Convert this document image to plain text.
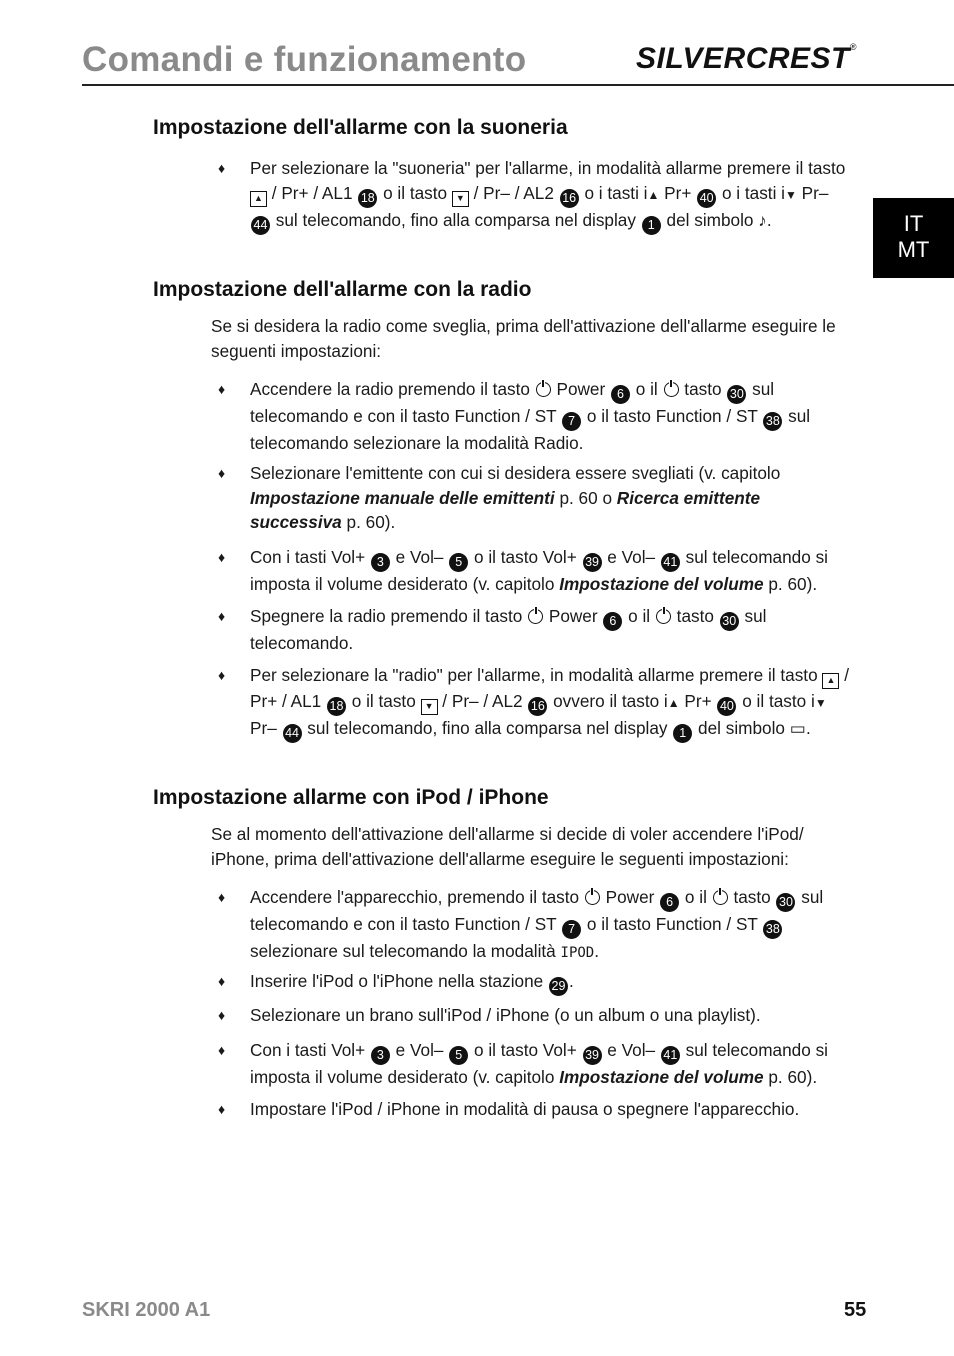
Comandi e funzionamento	SILVERCREST®
IT
MT
Impostazione dell'allarme con la suoneria
♦ Per selezionare la "suoneria" per l'allarme, in modalità allarme premere il tasto ▲ / Pr+ / AL1 18 o il tasto ▼ / Pr– / AL2 16 o i tasti i▲ Pr+ 40 o i tasti i▼ Pr– 44 sul telecomando, fino alla comparsa nel display 1 del simbolo ♪.
Impostazione dell'allarme con la radio
Se si desidera la radio come sveglia, prima dell'attivazione dell'allarme eseguire le seguenti impostazioni:
♦ Accendere la radio premendo il tasto  Power 6 o il  tasto 30 sul telecomando e con il tasto Function / ST 7 o il tasto Function / ST 38 sul telecomando selezionare la modalità Radio.
♦ Selezionare l'emittente con cui si desidera essere svegliati (v. capitolo Impostazione manuale delle emittenti p. 60 o Ricerca emittente successiva p. 60).
♦ Con i tasti Vol+ 3 e Vol– 5 o il tasto Vol+ 39 e Vol– 41 sul telecomando si imposta il volume desiderato (v. capitolo Impostazione del volume p. 60).
♦ Spegnere la radio premendo il tasto  Power 6 o il  tasto 30 sul telecomando.
♦ Per selezionare la "radio" per l'allarme, in modalità allarme premere il tasto ▲ / Pr+ / AL1 18 o il tasto ▼ / Pr– / AL2 16 ovvero il tasto i▲ Pr+ 40 o il tasto i▼ Pr– 44 sul telecomando, fino alla comparsa nel display 1 del simbolo ▭.
Impostazione allarme con iPod / iPhone
Se al momento dell'attivazione dell'allarme si decide di voler accendere l'iPod/ iPhone, prima dell'attivazione dell'allarme eseguire le seguenti impostazioni:
♦ Accendere l'apparecchio, premendo il tasto  Power 6 o il  tasto 30 sul telecomando e con il tasto Function / ST 7 o il tasto Function / ST 38 selezionare sul telecomando la modalità IPOD.
♦ Inserire l'iPod o l'iPhone nella stazione 29 .
♦ Selezionare un brano sull'iPod / iPhone (o un album o una playlist).
♦ Con i tasti Vol+ 3 e Vol– 5 o il tasto Vol+ 39 e Vol– 41 sul telecomando si imposta il volume desiderato (v. capitolo Impostazione del volume p. 60).
♦ Impostare l'iPod / iPhone in modalità di pausa o spegnere l'apparecchio.
SKRI 2000 A1	55
